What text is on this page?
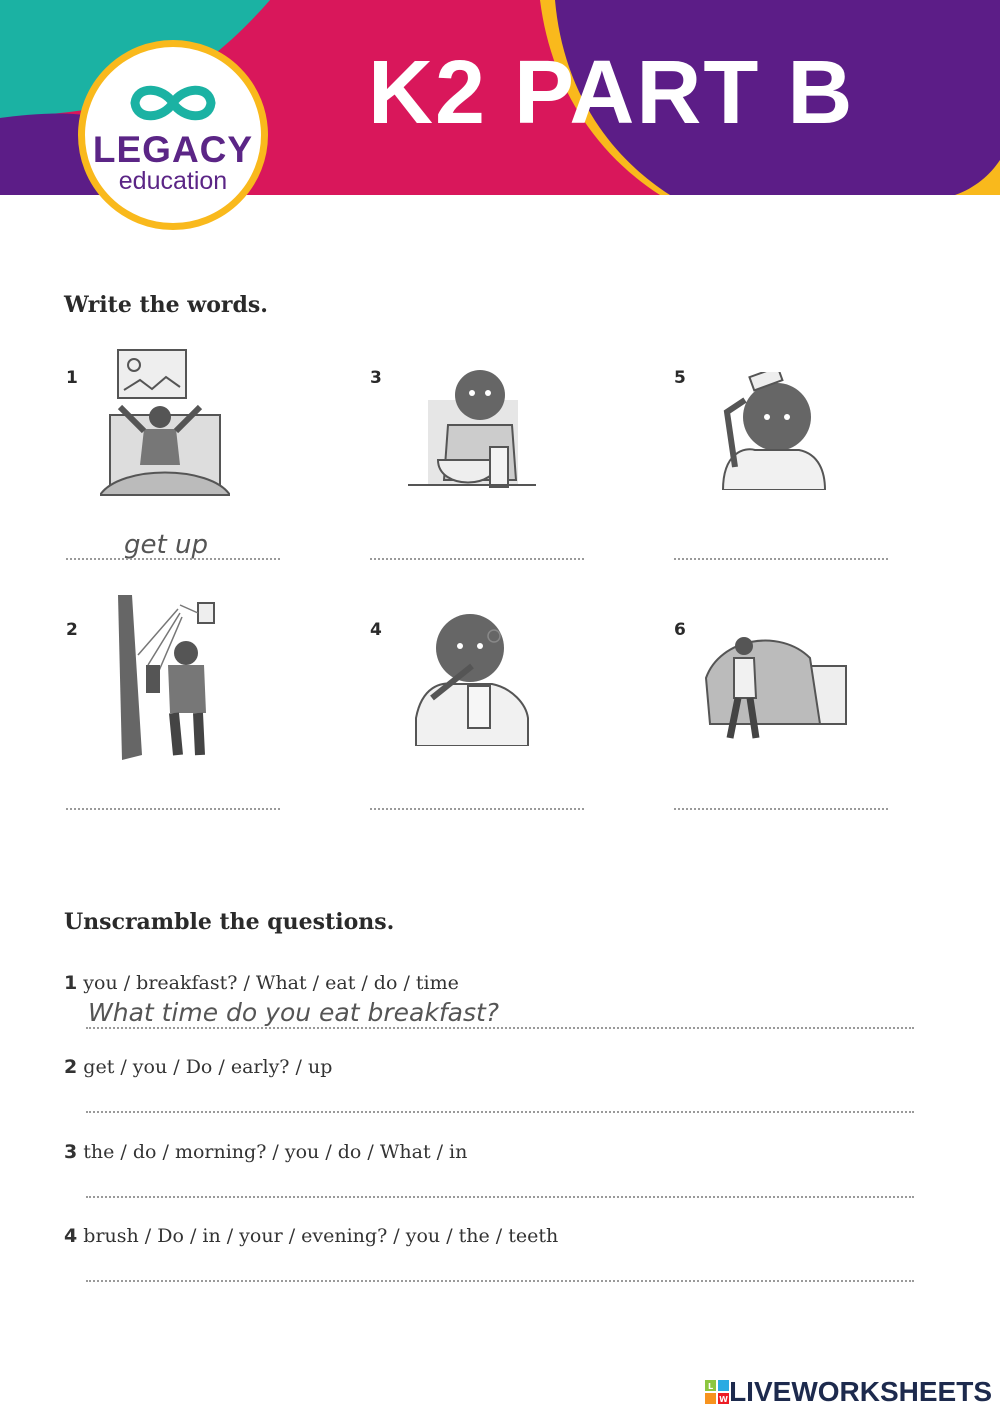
LEGACY
education
K2 PART B
Write the words.
1
get up
3	5
2	4	6
Unscramble the questions.
1 you / breakfast? / What / eat / do / time
What time do you eat breakfast?
2 get / you / Do / early? / up
3 the / do / morning? / you / do / What / in
4 brush / Do / in / your / evening? / you / the / teeth
L
W LIVEWORKSHEETS
